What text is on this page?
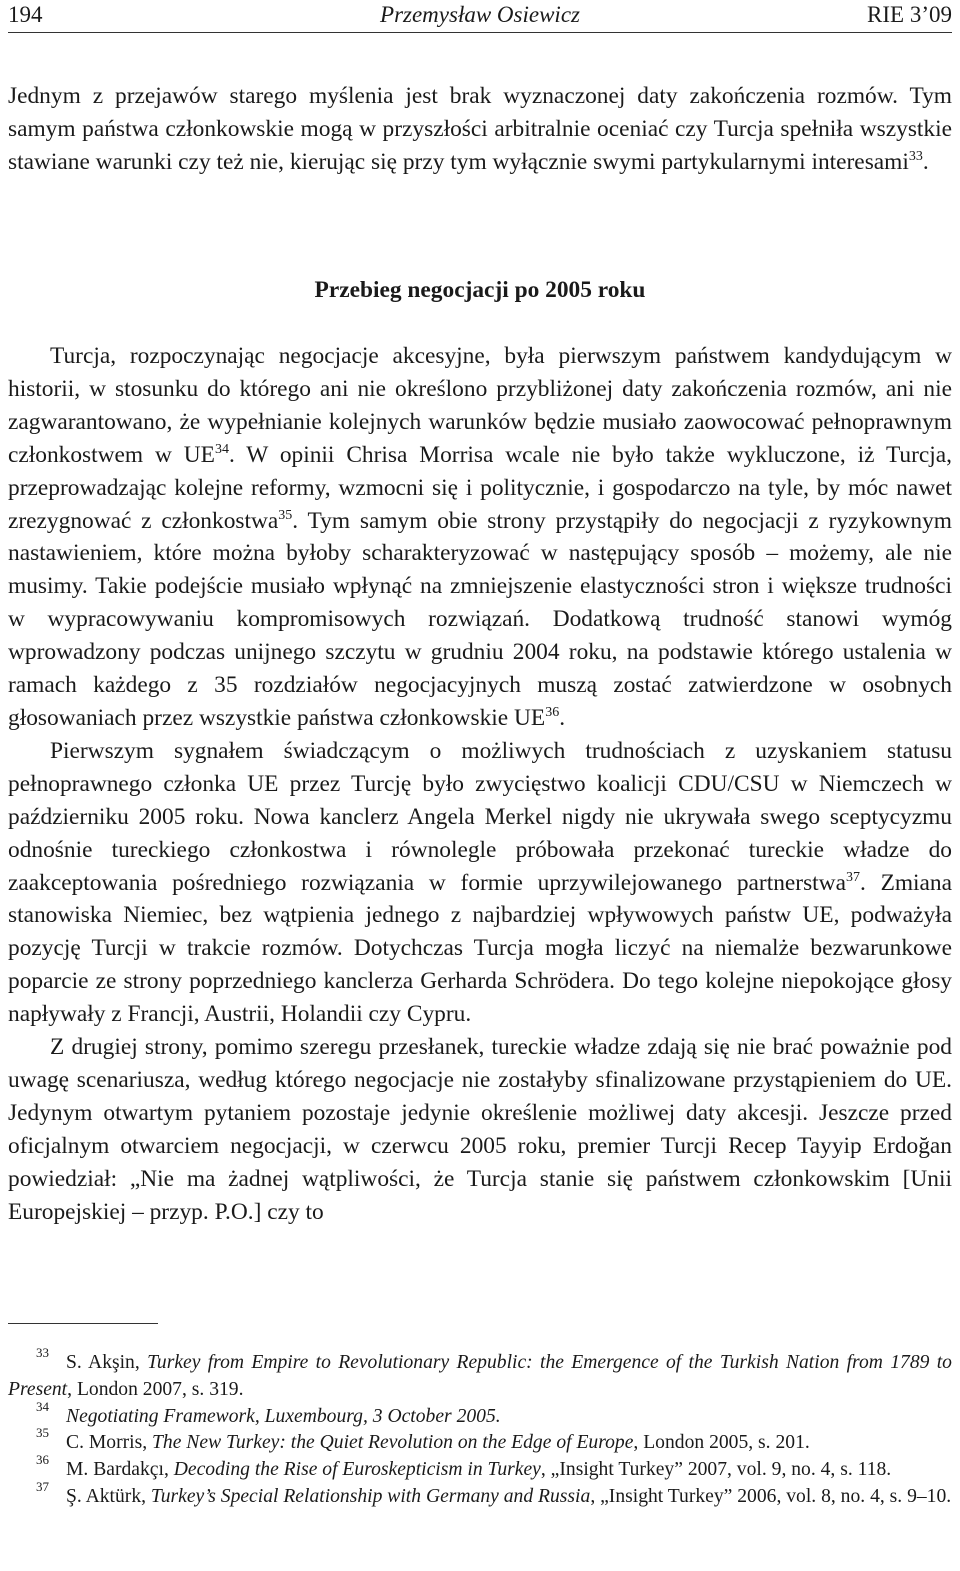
Przemysław Osiewicz
194	RIE 3’09

Jednym z przejawów starego myślenia jest brak wyznaczonej daty zakończenia rozmów. Tym samym państwa członkowskie mogą w przyszłości arbitralnie oceniać czy Turcja spełniła wszystkie stawiane warunki czy też nie, kierując się przy tym wyłącznie swymi partykularnymi interesami$^{33}$.

Przebieg negocjacji po 2005 roku

Turcja, rozpoczynając negocjacje akcesyjne, była pierwszym państwem kandydującym w historii, w stosunku do którego ani nie określono przybliżonej daty zakończenia rozmów, ani nie zagwarantowano, że wypełnianie kolejnych warunków będzie musiało zaowocować pełnoprawnym członkostwem w UE$^{34}$. W opinii Chrisa Morrisa wcale nie było także wykluczone, iż Turcja, przeprowadzając kolejne reformy, wzmocni się i politycznie, i gospodarczo na tyle, by móc nawet zrezygnować z członkostwa$^{35}$. Tym samym obie strony przystąpiły do negocjacji z ryzykownym nastawieniem, które można byłoby scharakteryzować w następujący sposób – możemy, ale nie musimy. Takie podejście musiało wpłynąć na zmniejszenie elastyczności stron i większe trudności w wypracowywaniu kompromisowych rozwiązań. Dodatkową trudność stanowi wymóg wprowadzony podczas unijnego szczytu w grudniu 2004 roku, na podstawie którego ustalenia w ramach każdego z 35 rozdziałów negocjacyjnych muszą zostać zatwierdzone w osobnych głosowaniach przez wszystkie państwa członkowskie UE$^{36}$.

Pierwszym sygnałem świadczącym o możliwych trudnościach z uzyskaniem statusu pełnoprawnego członka UE przez Turcję było zwycięstwo koalicji CDU/CSU w Niemczech w październiku 2005 roku. Nowa kanclerz Angela Merkel nigdy nie ukrywała swego sceptycyzmu odnośnie tureckiego członkostwa i równolegle próbowała przekonać tureckie władze do zaakceptowania pośredniego rozwiązania w formie uprzywilejowanego partnerstwa$^{37}$. Zmiana stanowiska Niemiec, bez wątpienia jednego z najbardziej wpływowych państw UE, podważyła pozycję Turcji w trakcie rozmów. Dotychczas Turcja mogła liczyć na niemalże bezwarunkowe poparcie ze strony poprzedniego kanclerza Gerharda Schrödera. Do tego kolejne niepokojące głosy napływały z Francji, Austrii, Holandii czy Cypru.

Z drugiej strony, pomimo szeregu przesłanek, tureckie władze zdają się nie brać poważnie pod uwagę scenariusza, według którego negocjacje nie zostałyby sfinalizowane przystąpieniem do UE. Jedynym otwartym pytaniem pozostaje jedynie określenie możliwej daty akcesji. Jeszcze przed oficjalnym otwarciem negocjacji, w czerwcu 2005 roku, premier Turcji Recep Tayyip Erdoğan powiedział: „Nie ma żadnej wątpliwości, że Turcja stanie się państwem członkowskim [Unii Europejskiej – przyp. P.O.] czy to

33 S. Akşin, Turkey from Empire to Revolutionary Republic: the Emergence of the Turkish Nation from 1789 to Present, London 2007, s. 319.

34 Negotiating Framework, Luxembourg, 3 October 2005.

35 C. Morris, The New Turkey: the Quiet Revolution on the Edge of Europe, London 2005, s. 201.

36 M. Bardakçı, Decoding the Rise of Euroskepticism in Turkey, „Insight Turkey” 2007, vol. 9, no. 4, s. 118.

37 Ş. Aktürk, Turkey’s Special Relationship with Germany and Russia, „Insight Turkey” 2006, vol. 8, no. 4, s. 9–10.
